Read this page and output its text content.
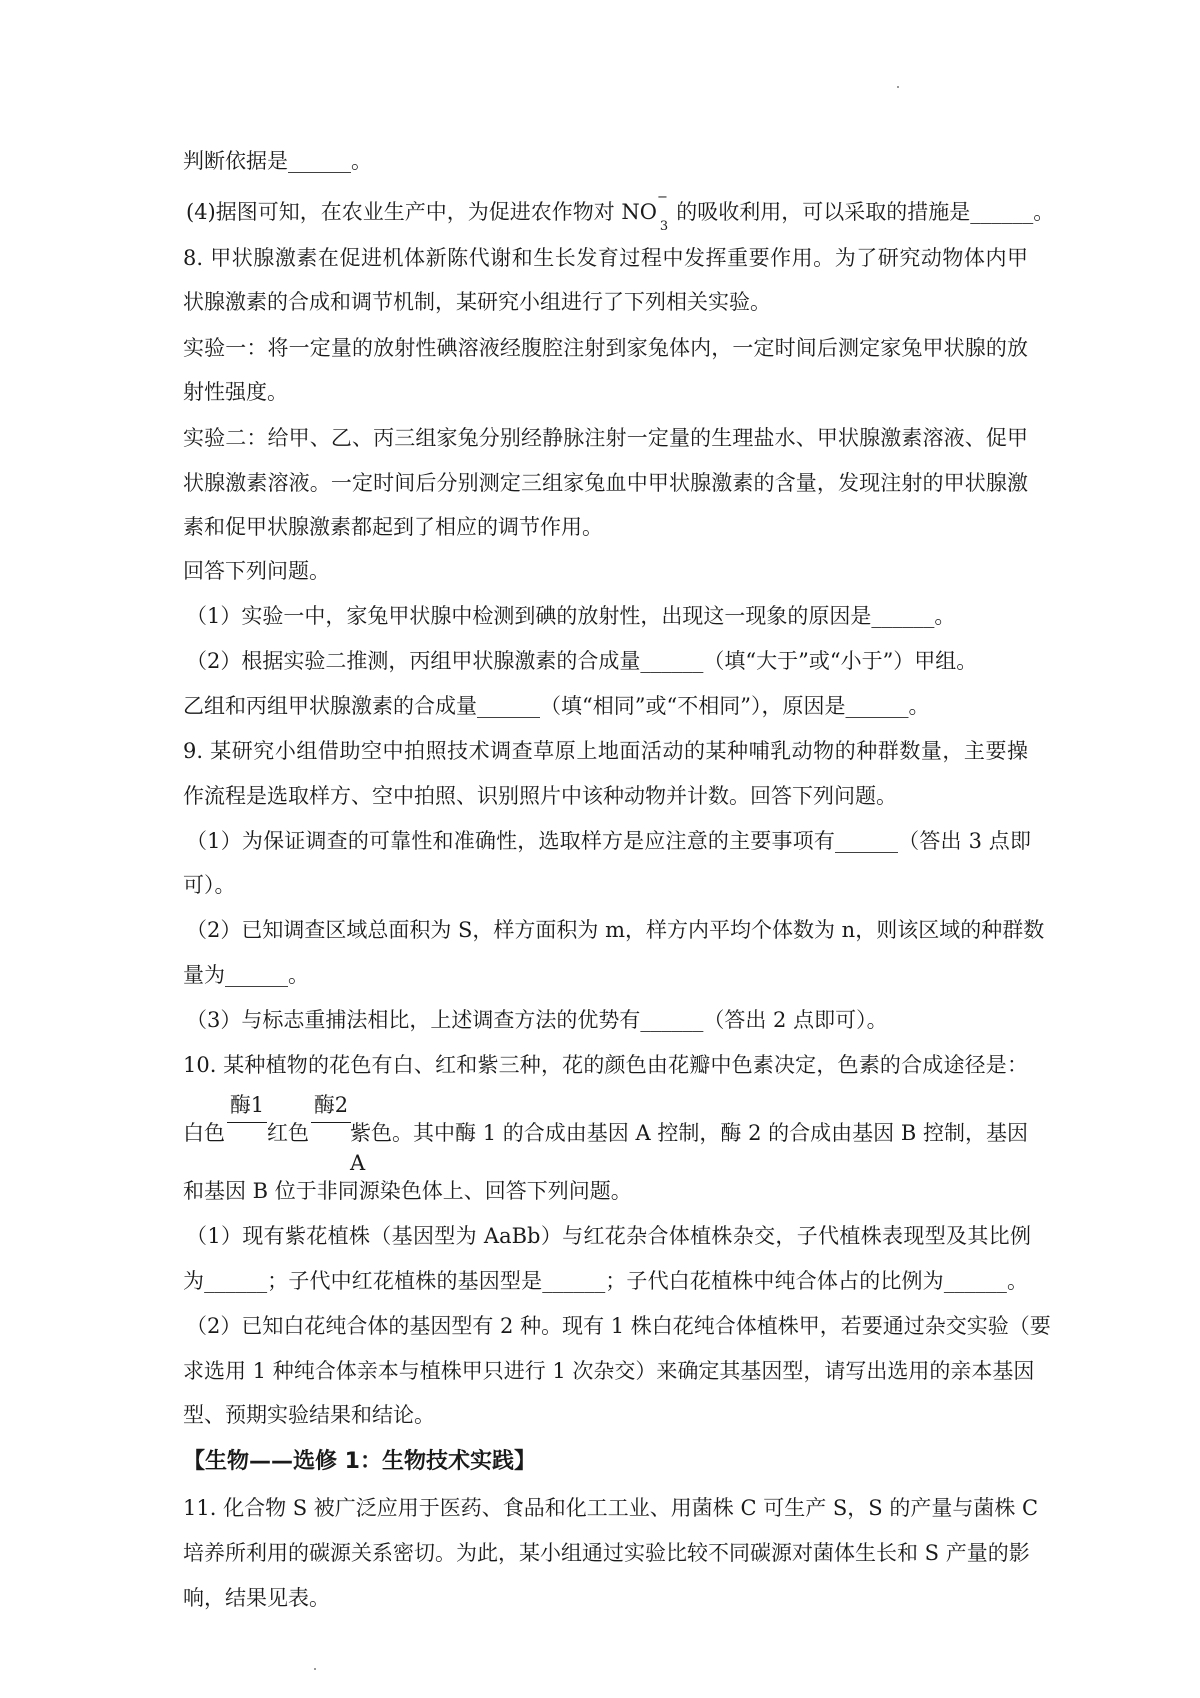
判断依据是______。
(4)据图可知，在农业生产中，为促进农作物对 $NO^-_3$的吸收利用，可以采取的措施是______。
8. 甲状腺激素在促进机体新陈代谢和生长发育过程中发挥重要作用。为了研究动物体内甲
状腺激素的合成和调节机制，某研究小组进行了下列相关实验。
实验一：将一定量的放射性碘溶液经腹腔注射到家兔体内，一定时间后测定家兔甲状腺的放
射性强度。
实验二：给甲、乙、丙三组家兔分别经静脉注射一定量的生理盐水、甲状腺激素溶液、促甲
状腺激素溶液。一定时间后分别测定三组家兔血中甲状腺激素的含量，发现注射的甲状腺激
素和促甲状腺激素都起到了相应的调节作用。
回答下列问题。
（1）实验一中，家兔甲状腺中检测到碘的放射性，出现这一现象的原因是______。
（2）根据实验二推测，丙组甲状腺激素的合成量______（填“大于”或“小于”）甲组。
乙组和丙组甲状腺激素的合成量______（填“相同”或“不相同”），原因是______。
9. 某研究小组借助空中拍照技术调查草原上地面活动的某种哺乳动物的种群数量，主要操
作流程是选取样方、空中拍照、识别照片中该种动物并计数。回答下列问题。
（1）为保证调查的可靠性和准确性，选取样方是应注意的主要事项有______（答出 3 点即
可）。
（2）已知调查区域总面积为 S，样方面积为 m，样方内平均个体数为 n，则该区域的种群数
量为______。
（3）与标志重捕法相比，上述调查方法的优势有______（答出 2 点即可）。
10. 某种植物的花色有白、红和紫三种，花的颜色由花瓣中色素决定，色素的合成途径是：
白色
酶1
红色
酶2
紫色。其中酶 1 的合成由基因 A 控制，酶 2 的合成由基因 B 控制，基因 A
和基因 B 位于非同源染色体上、回答下列问题。
（1）现有紫花植株（基因型为 AaBb）与红花杂合体植株杂交，子代植株表现型及其比例
为______；子代中红花植株的基因型是______；子代白花植株中纯合体占的比例为______。
（2）已知白花纯合体的基因型有 2 种。现有 1 株白花纯合体植株甲，若要通过杂交实验（要
求选用 1 种纯合体亲本与植株甲只进行 1 次杂交）来确定其基因型，请写出选用的亲本基因
型、预期实验结果和结论。
【生物——选修 1：生物技术实践】
11. 化合物 S 被广泛应用于医药、食品和化工工业、用菌株 C 可生产 S，S 的产量与菌株 C
培养所利用的碳源关系密切。为此，某小组通过实验比较不同碳源对菌体生长和 S 产量的影
响，结果见表。
